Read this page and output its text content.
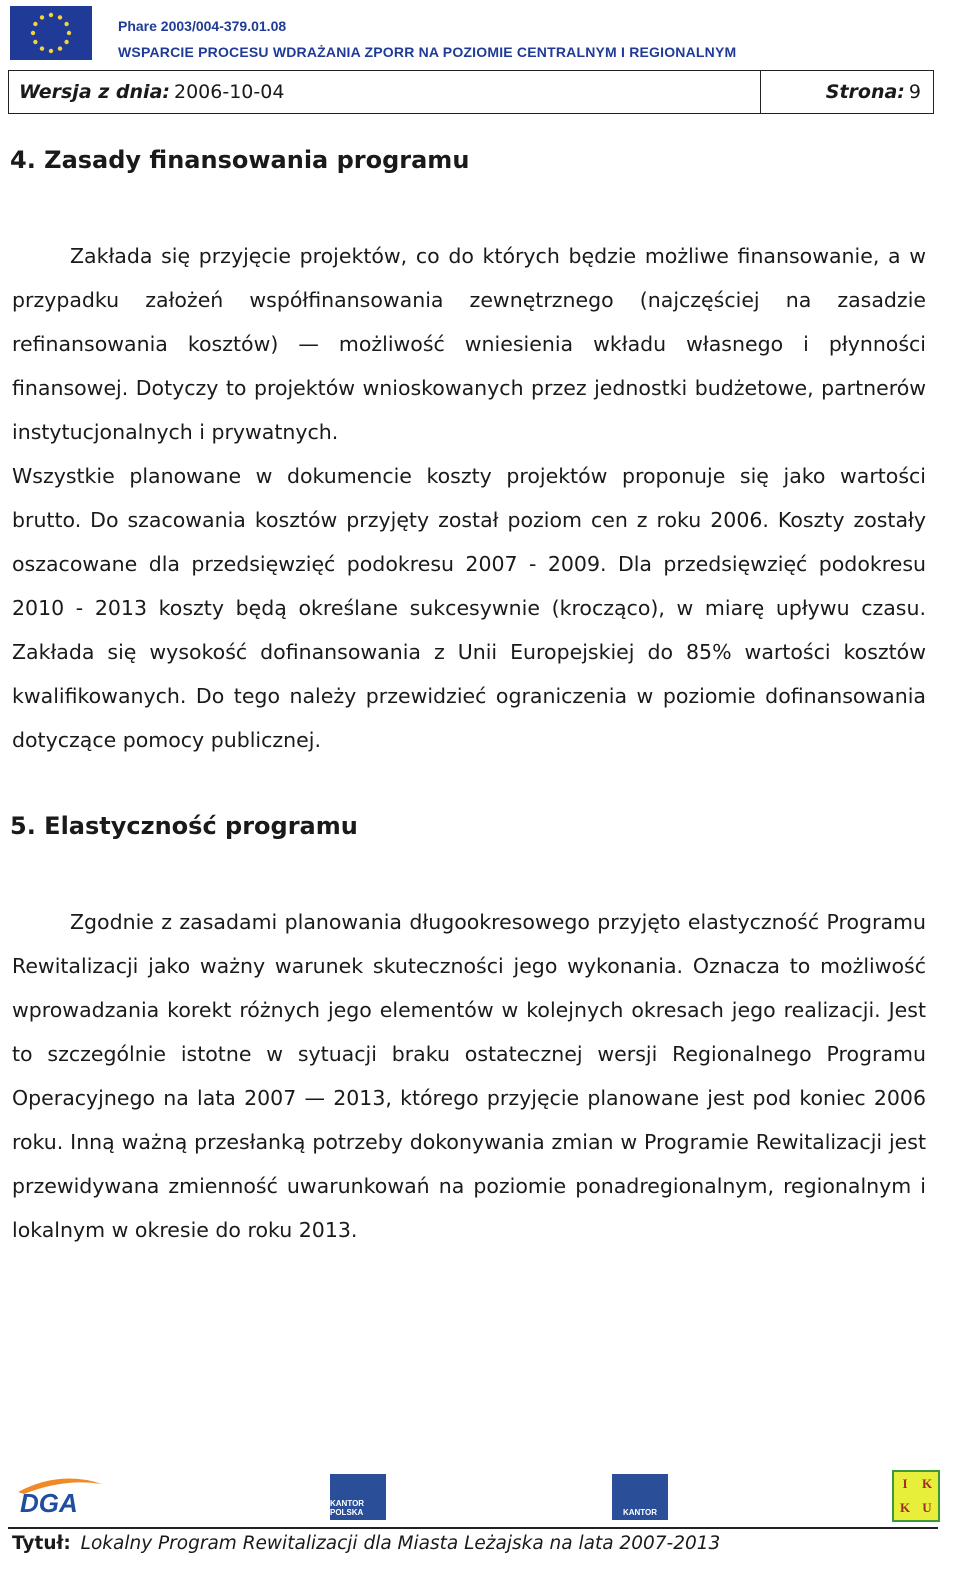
Phare 2003/004-379.01.08
WSPARCIE PROCESU WDRAŻANIA ZPORR NA POZIOMIE CENTRALNYM I REGIONALNYM
Wersja z dnia: 2006-10-04	Strona: 9
4. Zasady finansowania programu
Zakłada się przyjęcie projektów, co do których będzie możliwe finansowanie, a w przypadku założeń współfinansowania zewnętrznego (najczęściej na zasadzie refinansowania kosztów) — możliwość wniesienia wkładu własnego i płynności finansowej. Dotyczy to projektów wnioskowanych przez jednostki budżetowe, partnerów instytucjonalnych i prywatnych.
Wszystkie planowane w dokumencie koszty projektów proponuje się jako wartości brutto. Do szacowania kosztów przyjęty został poziom cen z roku 2006. Koszty zostały oszacowane dla przedsięwzięć podokresu 2007 - 2009. Dla przedsięwzięć podokresu 2010 - 2013 koszty będą określane sukcesywnie (krocząco), w miarę upływu czasu. Zakłada się wysokość dofinansowania z Unii Europejskiej do 85% wartości kosztów kwalifikowanych. Do tego należy przewidzieć ograniczenia w poziomie dofinansowania dotyczące pomocy publicznej.
5. Elastyczność programu
Zgodnie z zasadami planowania długookresowego przyjęto elastyczność Programu Rewitalizacji jako ważny warunek skuteczności jego wykonania. Oznacza to możliwość wprowadzania korekt różnych jego elementów w kolejnych okresach jego realizacji. Jest to szczególnie istotne w sytuacji braku ostatecznej wersji Regionalnego Programu Operacyjnego na lata 2007 — 2013, którego przyjęcie planowane jest pod koniec 2006 roku. Inną ważną przesłanką potrzeby dokonywania zmian w Programie Rewitalizacji jest przewidywana zmienność uwarunkowań na poziomie ponadregionalnym, regionalnym i lokalnym w okresie do roku 2013.
DGA	KANTOR POLSKA	KANTOR
I	K
K U
Tytuł: Lokalny Program Rewitalizacji dla Miasta Leżajska na lata 2007-2013
